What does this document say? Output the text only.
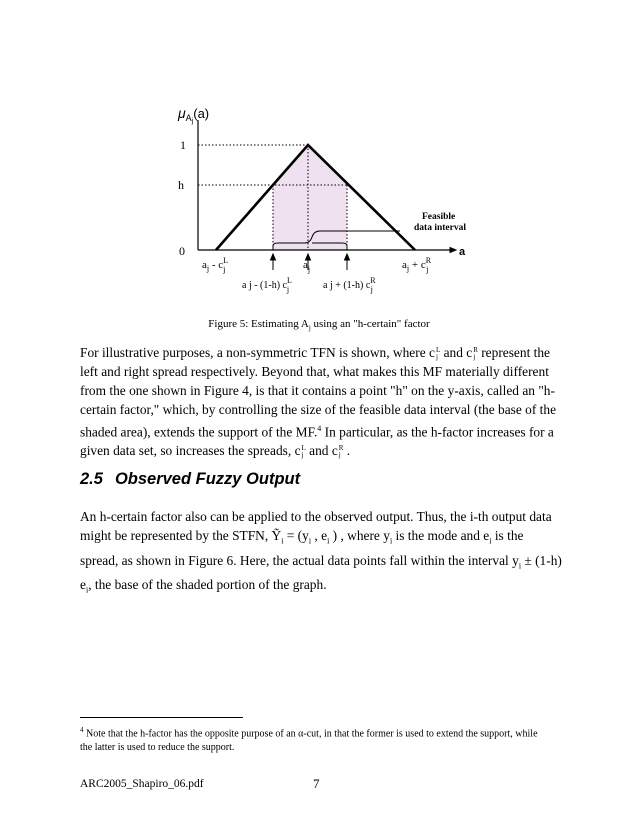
$\mu_Aj(a)$
1
h
0	a
Feasible
data interval
$a_j - c^L$ j	$a_j$	$a_j + c^R$ j
a j - (1-h) $c^L$ j	a j + (1-h) $c^R$ j
Figure 5: Estimating $A_j$ using an "h-certain" factor
For illustrative purposes, a non-symmetric TFN is shown, where cL
j and cR
j represent the left and right spread respectively. Beyond that, what makes this MF materially different from the one shown in Figure 4, is that it contains a point "h" on the y-axis, called an "h-certain factor," which, by controlling the size of the feasible data interval (the base of the shaded area), extends the support of the MF.$^4$ In particular, as the h-factor increases for a given data set, so increases the spreads, cL
j and cR
j .
2.5 Observed Fuzzy Output
An h-certain factor also can be applied to the observed output. Thus, the i-th output data might be represented by the STFN, Ỹ$_i$ = ($y_i$ , $e_i$ ) , where $y_i$ is the mode and $e_i$ is the spread, as shown in Figure 6. Here, the actual data points fall within the interval $y_i \pm (1-h)$ $e_i$, the base of the shaded portion of the graph.
$^4$ Note that the h-factor has the opposite purpose of an α-cut, in that the former is used to extend the support, while the latter is used to reduce the support.
ARC2005_Shapiro_06.pdf	7
